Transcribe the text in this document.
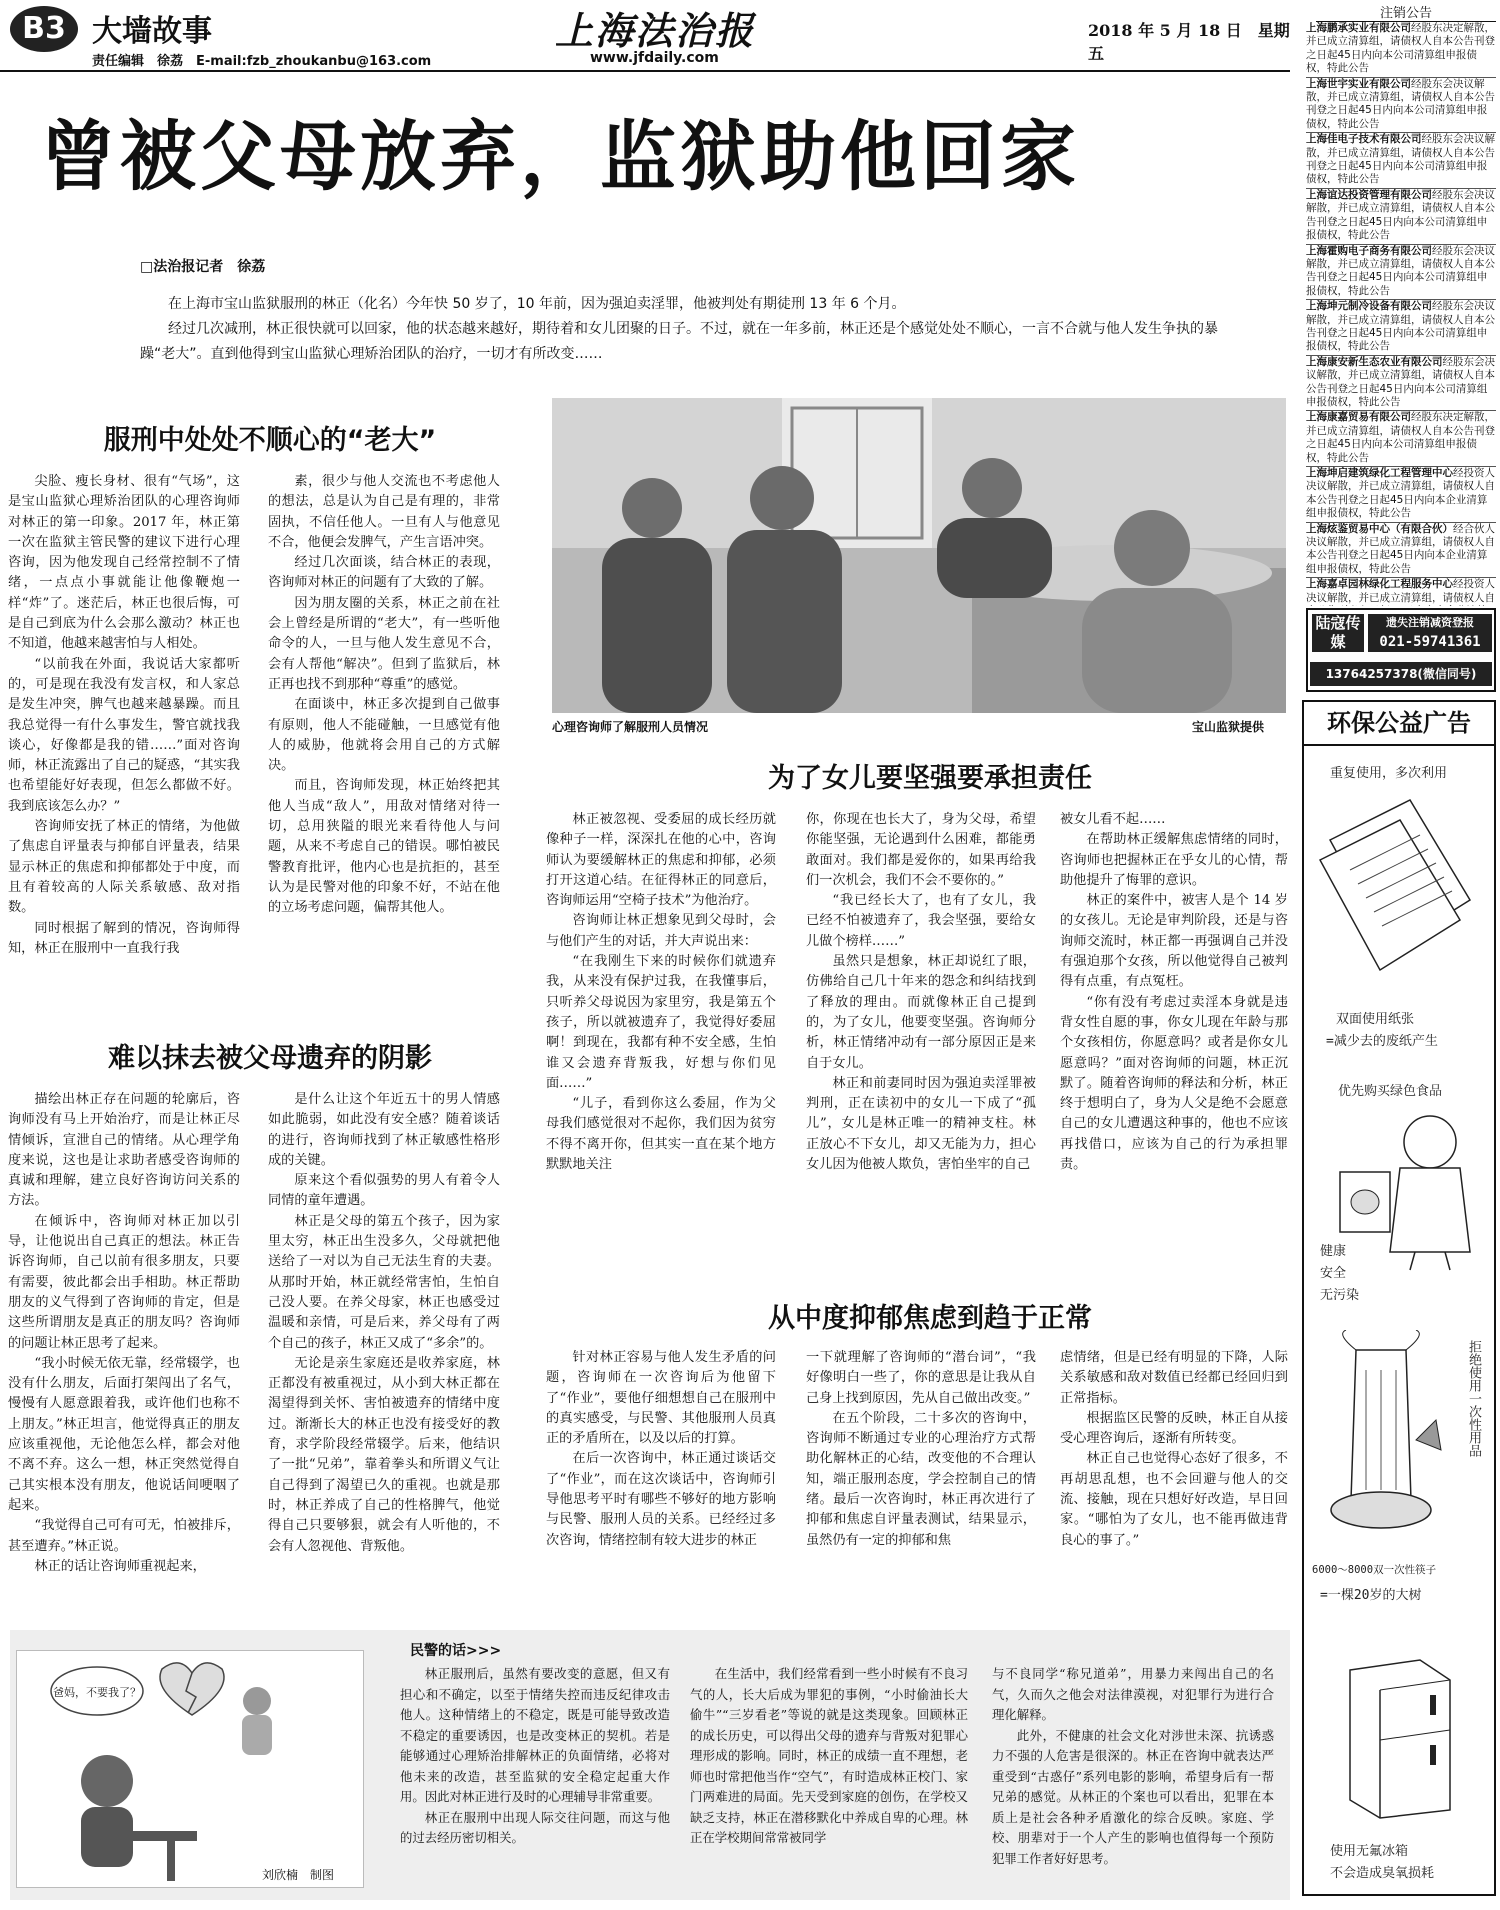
B3 大墙故事
责任编辑　徐荔　E-mail:fzb_zhoukanbu@163.com
上海法治报
www.jfdaily.com
2018 年 5 月 18 日　星期五
曾被父母放弃，监狱助他回家
□法治报记者　徐荔

在上海市宝山监狱服刑的林正（化名）今年快 50 岁了，10 年前，因为强迫卖淫罪，他被判处有期徒刑 13 年 6 个月。

经过几次减刑，林正很快就可以回家，他的状态越来越好，期待着和女儿团聚的日子。不过，就在一年多前，林正还是个感觉处处不顺心，一言不合就与他人发生争执的暴躁“老大”。直到他得到宝山监狱心理矫治团队的治疗，一切才有所改变……

服刑中处处不顺心的“老大”

尖脸、瘦长身材、很有“气场”，这是宝山监狱心理矫治团队的心理咨询师对林正的第一印象。2017 年，林正第一次在监狱主管民警的建议下进行心理咨询，因为他发现自己经常控制不了情绪，一点点小事就能让他像鞭炮一样“炸”了。迷茫后，林正也很后悔，可是自己到底为什么会那么激动？林正也不知道，他越来越害怕与人相处。

“以前我在外面，我说话大家都听的，可是现在我没有发言权，和人家总是发生冲突，脾气也越来越暴躁。而且我总觉得一有什么事发生，警官就找我谈心，好像都是我的错……”面对咨询师，林正流露出了自己的疑惑，“其实我也希望能好好表现，但怎么都做不好。我到底该怎么办？”

咨询师安抚了林正的情绪，为他做了焦虑自评量表与抑郁自评量表，结果显示林正的焦虑和抑郁都处于中度，而且有着较高的人际关系敏感、敌对指数。

同时根据了解到的情况，咨询师得知，林正在服刑中一直我行我

素，很少与他人交流也不考虑他人的想法，总是认为自己是有理的，非常固执，不信任他人。一旦有人与他意见不合，他便会发脾气，产生言语冲突。

经过几次面谈，结合林正的表现，咨询师对林正的问题有了大致的了解。

因为朋友圈的关系，林正之前在社会上曾经是所谓的“老大”，有一些听他命令的人，一旦与他人发生意见不合，会有人帮他“解决”。但到了监狱后，林正再也找不到那种“尊重”的感觉。

在面谈中，林正多次提到自己做事有原则，他人不能碰触，一旦感觉有他人的威胁，他就将会用自己的方式解决。

而且，咨询师发现，林正始终把其他人当成“敌人”，用敌对情绪对待一切，总用狭隘的眼光来看待他人与问题，从来不考虑自己的错误。哪怕被民警教育批评，他内心也是抗拒的，甚至认为是民警对他的印象不好，不站在他的立场考虑问题，偏帮其他人。

难以抹去被父母遗弃的阴影

描绘出林正存在问题的轮廓后，咨询师没有马上开始治疗，而是让林正尽情倾诉，宣泄自己的情绪。从心理学角度来说，这也是让求助者感受咨询师的真诚和理解，建立良好咨询访问关系的方法。

在倾诉中，咨询师对林正加以引导，让他说出自己真正的想法。林正告诉咨询师，自己以前有很多朋友，只要有需要，彼此都会出手相助。林正帮助朋友的义气得到了咨询师的肯定，但是这些所谓朋友是真正的朋友吗？咨询师的问题让林正思考了起来。

“我小时候无依无靠，经常辍学，也没有什么朋友，后面打架闯出了名气，慢慢有人愿意跟着我，或许他们也称不上朋友。”林正坦言，他觉得真正的朋友应该重视他，无论他怎么样，都会对他不离不弃。这么一想，林正突然觉得自己其实根本没有朋友，他说话间哽咽了起来。

“我觉得自己可有可无，怕被排斥，甚至遭弃。”林正说。

林正的话让咨询师重视起来，

是什么让这个年近五十的男人情感如此脆弱，如此没有安全感？随着谈话的进行，咨询师找到了林正敏感性格形成的关键。

原来这个看似强势的男人有着令人同情的童年遭遇。

林正是父母的第五个孩子，因为家里太穷，林正出生没多久，父母就把他送给了一对以为自己无法生育的夫妻。从那时开始，林正就经常害怕，生怕自己没人要。在养父母家，林正也感受过温暖和亲情，可是后来，养父母有了两个自己的孩子，林正又成了“多余”的。

无论是亲生家庭还是收养家庭，林正都没有被重视过，从小到大林正都在渴望得到关怀、害怕被遗弃的情绪中度过。渐渐长大的林正也没有接受好的教育，求学阶段经常辍学。后来，他结识了一批“兄弟”，靠着拳头和所谓义气让自己得到了渴望已久的重视。也就是那时，林正养成了自己的性格脾气，他觉得自己只要够狠，就会有人听他的，不会有人忽视他、背叛他。

心理咨询师了解服刑人员情况	宝山监狱提供
为了女儿要坚强要承担责任

林正被忽视、受委屈的成长经历就像种子一样，深深扎在他的心中，咨询师认为要缓解林正的焦虑和抑郁，必须打开这道心结。在征得林正的同意后，咨询师运用“空椅子技术”为他治疗。

咨询师让林正想象见到父母时，会与他们产生的对话，并大声说出来：

“在我刚生下来的时候你们就遗弃我，从来没有保护过我，在我懂事后，只听养父母说因为家里穷，我是第五个孩子，所以就被遗弃了，我觉得好委屈啊！到现在，我都有种不安全感，生怕谁又会遗弃背叛我，好想与你们见面……”

“儿子，看到你这么委屈，作为父母我们感觉很对不起你，我们因为贫穷不得不离开你，但其实一直在某个地方默默地关注

你，你现在也长大了，身为父母，希望你能坚强，无论遇到什么困难，都能勇敢面对。我们都是爱你的，如果再给我们一次机会，我们不会不要你的。”

“我已经长大了，也有了女儿，我已经不怕被遗弃了，我会坚强，要给女儿做个榜样……”

虽然只是想象，林正却说红了眼，仿佛给自己几十年来的怨念和纠结找到了释放的理由。而就像林正自己提到的，为了女儿，他要变坚强。咨询师分析，林正情绪冲动有一部分原因正是来自于女儿。

林正和前妻同时因为强迫卖淫罪被判刑，正在读初中的女儿一下成了“孤儿”，女儿是林正唯一的精神支柱。林正放心不下女儿，却又无能为力，担心女儿因为他被人欺负，害怕坐牢的自己

被女儿看不起……

在帮助林正缓解焦虑情绪的同时，咨询师也把握林正在乎女儿的心情，帮助他提升了悔罪的意识。

林正的案件中，被害人是个 14 岁的女孩儿。无论是审判阶段，还是与咨询师交流时，林正都一再强调自己并没有强迫那个女孩，所以他觉得自己被判得有点重，有点冤枉。

“你有没有考虑过卖淫本身就是违背女性自愿的事，你女儿现在年龄与那个女孩相仿，你愿意吗？或者是你女儿愿意吗？”面对咨询师的问题，林正沉默了。随着咨询师的释法和分析，林正终于想明白了，身为人父是绝不会愿意自己的女儿遭遇这种事的，他也不应该再找借口，应该为自己的行为承担罪责。

从中度抑郁焦虑到趋于正常

针对林正容易与他人发生矛盾的问题，咨询师在一次咨询后为他留下了“作业”，要他仔细想想自己在服刑中的真实感受，与民警、其他服刑人员真正的矛盾所在，以及以后的打算。

在后一次咨询中，林正通过谈话交了“作业”，而在这次谈话中，咨询师引导他思考平时有哪些不够好的地方影响与民警、服刑人员的关系。已经经过多次咨询，情绪控制有较大进步的林正

一下就理解了咨询师的“潜台词”，“我好像明白一些了，你的意思是让我从自己身上找到原因，先从自己做出改变。”

在五个阶段，二十多次的咨询中，咨询师不断通过专业的心理治疗方式帮助化解林正的心结，改变他的不合理认知，端正服刑态度，学会控制自己的情绪。最后一次咨询时，林正再次进行了抑郁和焦虑自评量表测试，结果显示，虽然仍有一定的抑郁和焦

虑情绪，但是已经有明显的下降，人际关系敏感和敌对数值已经都已经回归到正常指标。

根据监区民警的反映，林正自从接受心理咨询后，逐渐有所转变。

林正自己也觉得心态好了很多，不再胡思乱想，也不会回避与他人的交流、接触，现在只想好好改造，早日回家。“哪怕为了女儿，也不能再做违背良心的事了。”

爸妈，不要我了？
刘欣楠　制图
民警的话>>>

林正服刑后，虽然有要改变的意愿，但又有担心和不确定，以至于情绪失控而违反纪律攻击他人。这种情绪上的不稳定，既是可能导致改造不稳定的重要诱因，也是改变林正的契机。若是能够通过心理矫治排解林正的负面情绪，必将对他未来的改造，甚至监狱的安全稳定起重大作用。因此对林正进行及时的心理辅导非常重要。

林正在服刑中出现人际交往问题，而这与他的过去经历密切相关。

在生活中，我们经常看到一些小时候有不良习气的人，长大后成为罪犯的事例，“小时偷油长大偷牛”“三岁看老”等说的就是这类现象。回顾林正的成长历史，可以得出父母的遗弃与背叛对犯罪心理形成的影响。同时，林正的成绩一直不理想，老师也时常把他当作“空气”，有时造成林正校门、家门两难进的局面。先天受到家庭的创伤，在学校又缺乏支持，林正在潜移默化中养成自卑的心理。林正在学校期间常常被同学

与不良同学“称兄道弟”，用暴力来闯出自己的名气，久而久之他会对法律漠视，对犯罪行为进行合理化解释。

此外，不健康的社会文化对涉世未深、抗诱惑力不强的人危害是很深的。林正在咨询中就表达严重受到“古惑仔”系列电影的影响，希望身后有一帮兄弟的感觉。从林正的个案也可以看出，犯罪在本质上是社会各种矛盾激化的综合反映。家庭、学校、朋辈对于一个人产生的影响也值得每一个预防犯罪工作者好好思考。

注销公告
上海鹏承实业有限公司经股东决定解散，并已成立清算组，请债权人自本公告刊登之日起45日内向本公司清算组申报债权，特此公告
上海世宇实业有限公司经股东会决议解散，并已成立清算组，请债权人自本公告刊登之日起45日内向本公司清算组申报债权，特此公告
上海佳电子技术有限公司经股东会决议解散，并已成立清算组，请债权人自本公告刊登之日起45日内向本公司清算组申报债权，特此公告
上海谊达投资管理有限公司经股东会决议解散，并已成立清算组，请债权人自本公告刊登之日起45日内向本公司清算组申报债权，特此公告
上海霍购电子商务有限公司经股东会决议解散，并已成立清算组，请债权人自本公告刊登之日起45日内向本公司清算组申报债权，特此公告
上海坤元制冷设备有限公司经股东会决议解散，并已成立清算组，请债权人自本公告刊登之日起45日内向本公司清算组申报债权，特此公告
上海康安新生态农业有限公司经股东会决议解散，并已成立清算组，请债权人自本公告刊登之日起45日内向本公司清算组申报债权，特此公告
上海康嘉贸易有限公司经股东决定解散，并已成立清算组，请债权人自本公告刊登之日起45日内向本公司清算组申报债权，特此公告
上海坤启建筑绿化工程管理中心经投资人决议解散，并已成立清算组，请债权人自本公告刊登之日起45日内向本企业清算组申报债权，特此公告
上海炫鉴贸易中心（有限合伙）经合伙人决议解散，并已成立清算组，请债权人自本公告刊登之日起45日内向本企业清算组申报债权，特此公告
上海嘉卓园林绿化工程服务中心经投资人决议解散，并已成立清算组，请债权人自
陆寇传媒
遗失注销减资登报
021-59741361
13764257378(微信同号)
环保公益广告
重复使用，多次利用
双面使用纸张
=减少去的废纸产生
优先购买绿色食品
健康
安全
无污染
拒绝使用一次性用品
6000～8000双一次性筷子
=一棵20岁的大树
使用无氟冰箱
不会造成臭氧损耗
